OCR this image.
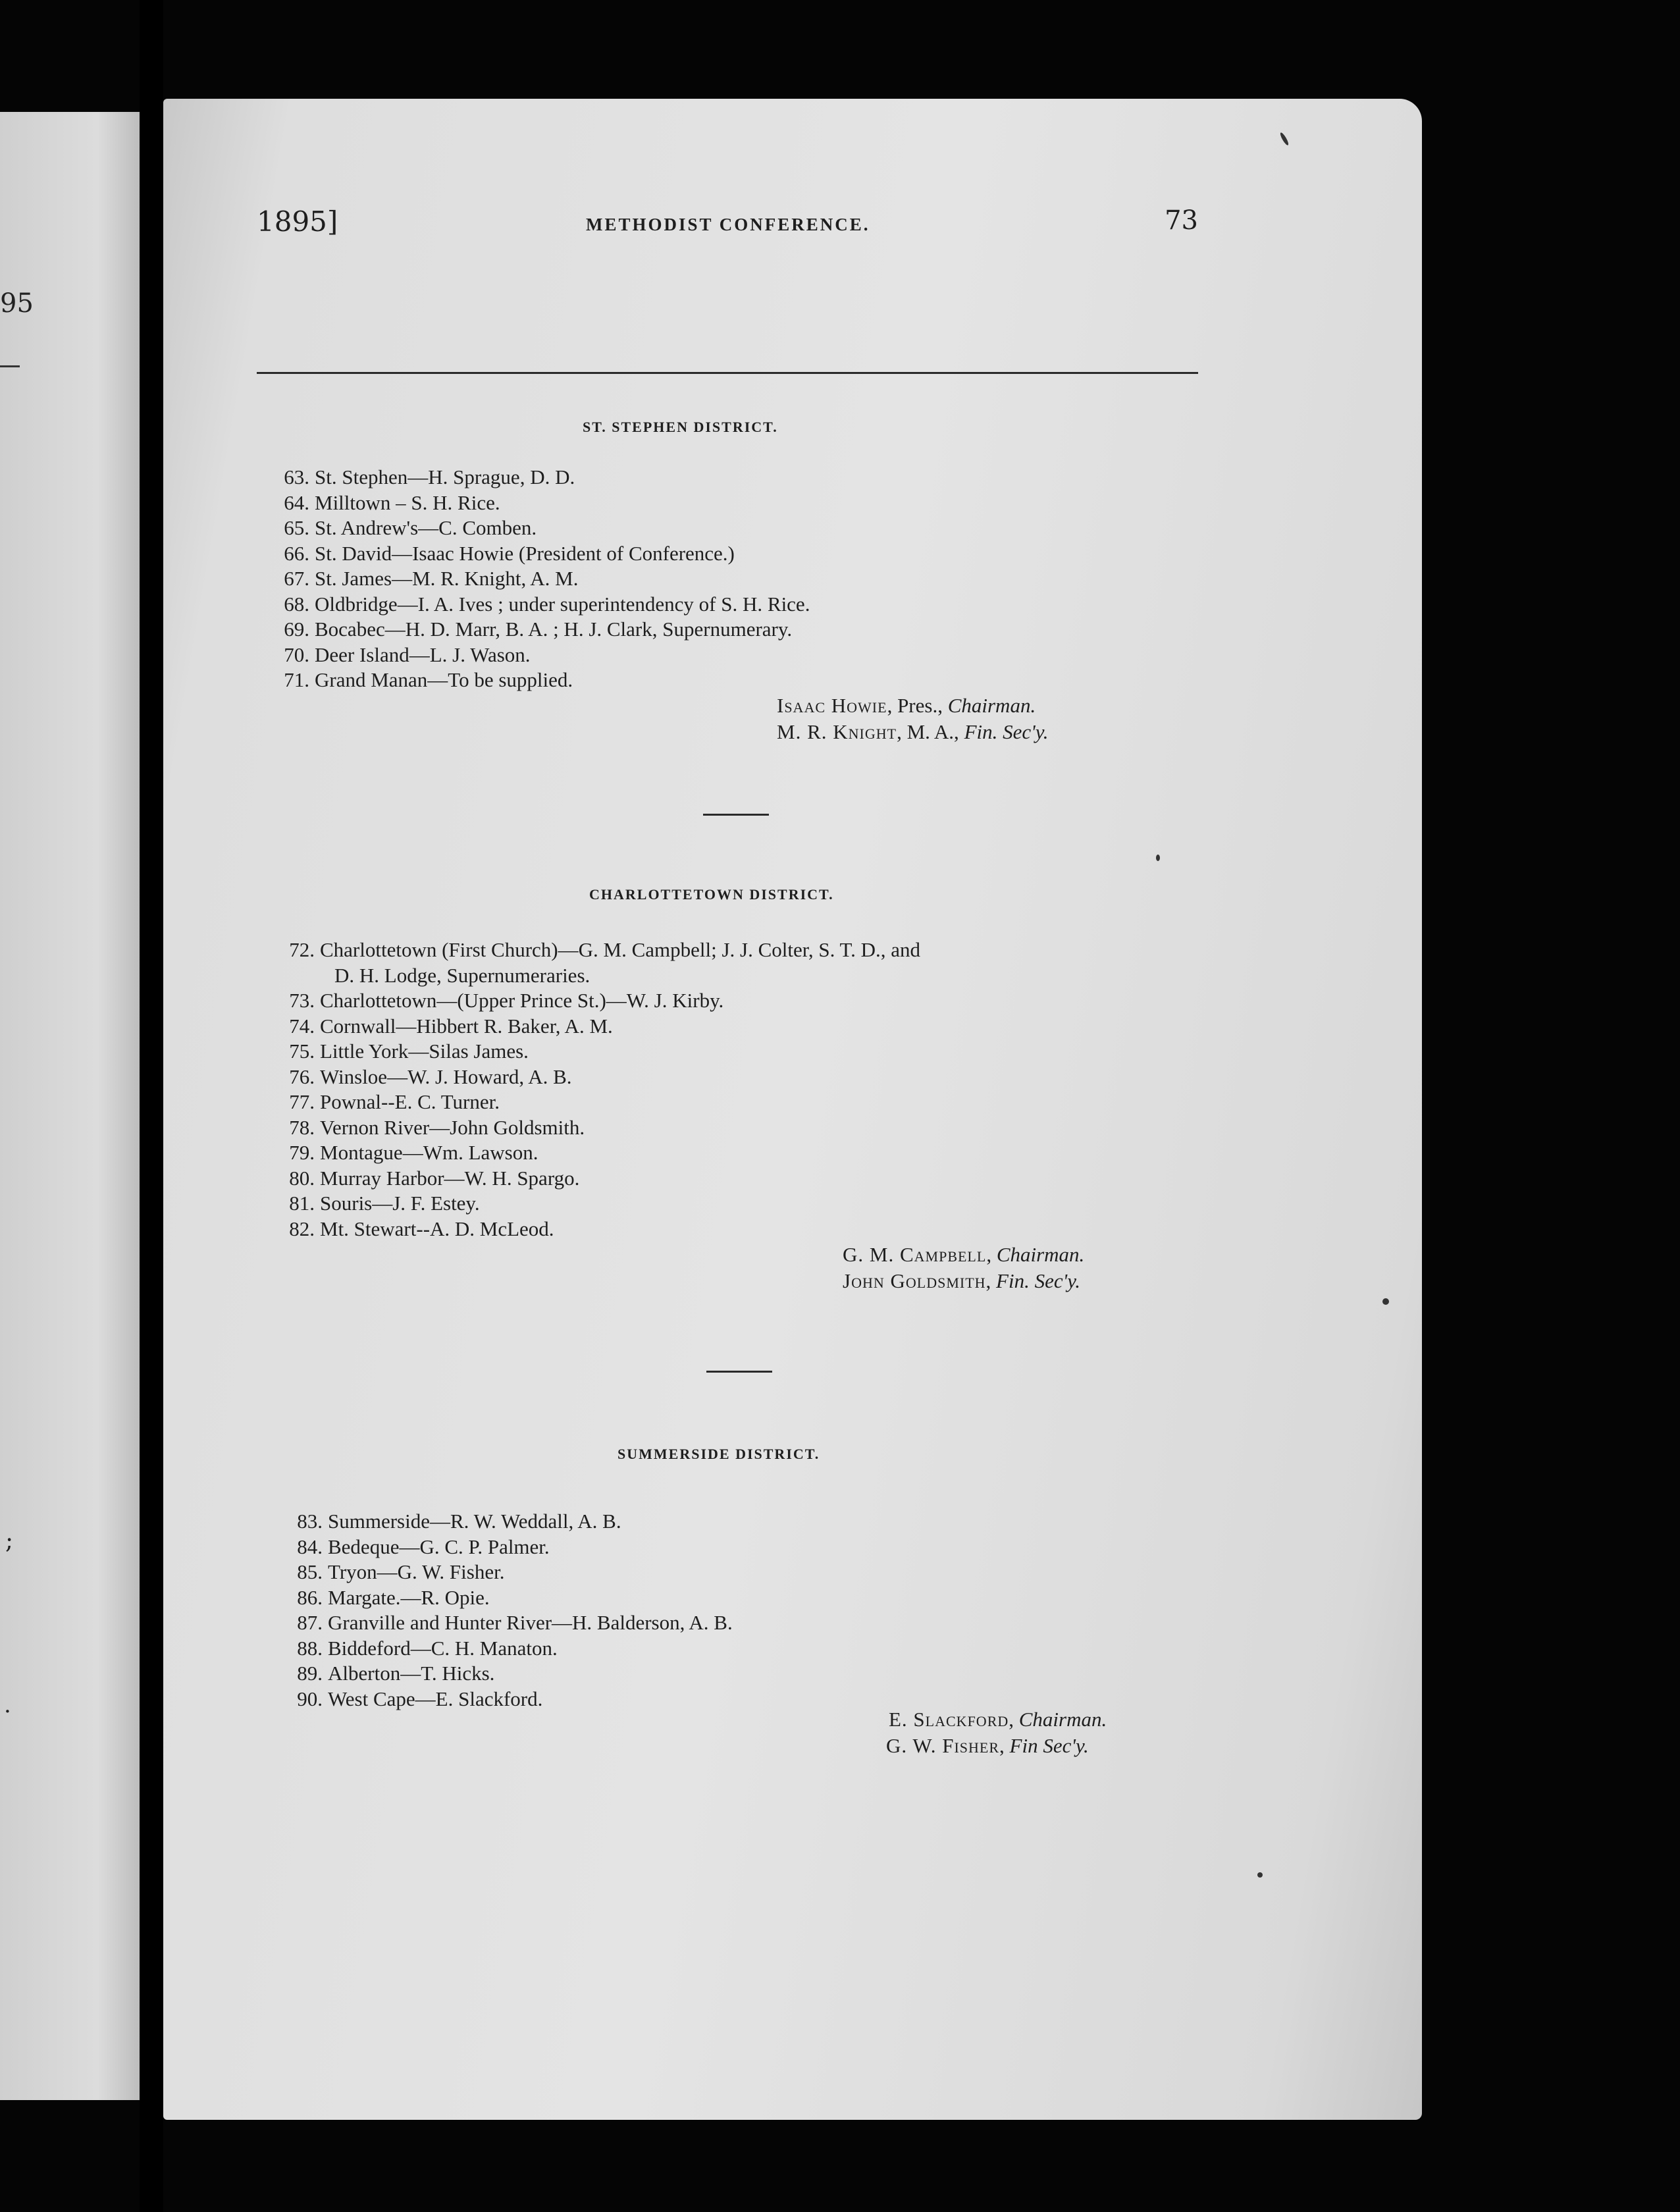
95
;
.
1895]	METHODIST CONFERENCE.	73
ST. STEPHEN DISTRICT.
63. St. Stephen—H. Sprague, D. D.
64. Milltown – S. H. Rice.
65. St. Andrew's—C. Comben.
66. St. David—Isaac Howie (President of Conference.)
67. St. James—M. R. Knight, A. M.
68. Oldbridge—I. A. Ives ; under superintendency of S. H. Rice.
69. Bocabec—H. D. Marr, B. A. ; H. J. Clark, Supernumerary.
70. Deer Island—L. J. Wason.
71. Grand Manan—To be supplied.
Isaac Howie, Pres., Chairman.
M. R. Knight, M. A., Fin. Sec'y.
CHARLOTTETOWN DISTRICT.
72. Charlottetown (First Church)—G. M. Campbell; J. J. Colter, S. T. D., and
D. H. Lodge, Supernumeraries.
73. Charlottetown—(Upper Prince St.)—W. J. Kirby.
74. Cornwall—Hibbert R. Baker, A. M.
75. Little York—Silas James.
76. Winsloe—W. J. Howard, A. B.
77. Pownal--E. C. Turner.
78. Vernon River—John Goldsmith.
79. Montague—Wm. Lawson.
80. Murray Harbor—W. H. Spargo.
81. Souris—J. F. Estey.
82. Mt. Stewart--A. D. McLeod.
G. M. Campbell, Chairman.
John Goldsmith, Fin. Sec'y.
SUMMERSIDE DISTRICT.
83. Summerside—R. W. Weddall, A. B.
84. Bedeque—G. C. P. Palmer.
85. Tryon—G. W. Fisher.
86. Margate.—R. Opie.
87. Granville and Hunter River—H. Balderson, A. B.
88. Biddeford—C. H. Manaton.
89. Alberton—T. Hicks.
90. West Cape—E. Slackford.
E. Slackford, Chairman.
G. W. Fisher, Fin Sec'y.
